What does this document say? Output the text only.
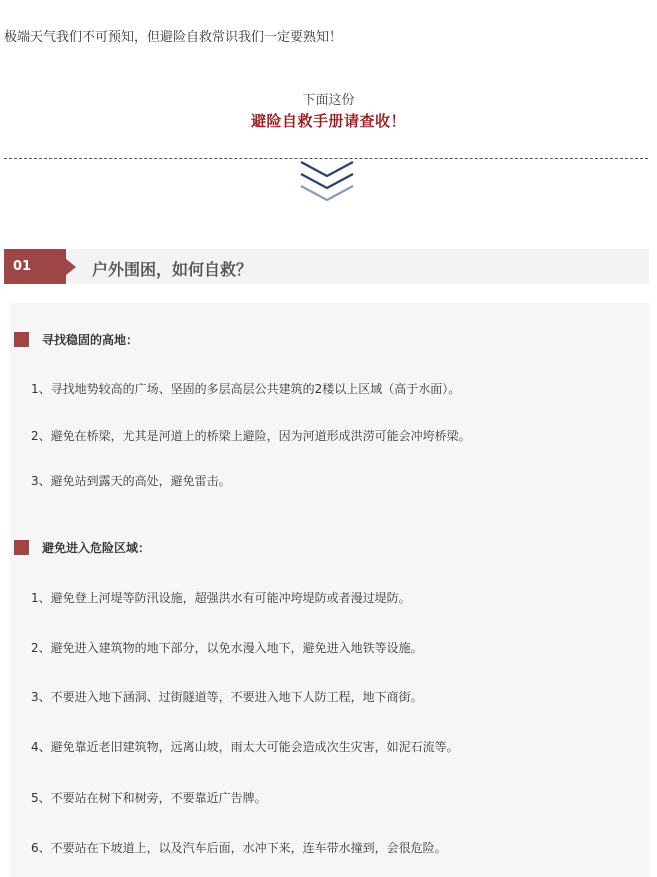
极端天气我们不可预知，但避险自救常识我们一定要熟知！
下面这份
避险自救手册请查收！
01	户外围困，如何自救？
寻找稳固的高地：
1、寻找地势较高的广场、坚固的多层高层公共建筑的2楼以上区域（高于水面）。
2、避免在桥梁，尤其是河道上的桥梁上避险，因为河道形成洪涝可能会冲垮桥梁。
3、避免站到露天的高处，避免雷击。
避免进入危险区域：
1、避免登上河堤等防汛设施，超强洪水有可能冲垮堤防或者漫过堤防。
2、避免进入建筑物的地下部分，以免水漫入地下，避免进入地铁等设施。
3、不要进入地下涵洞、过街隧道等，不要进入地下人防工程，地下商街。
4、避免靠近老旧建筑物，远离山坡，雨太大可能会造成次生灾害，如泥石流等。
5、不要站在树下和树旁，不要靠近广告牌。
6、不要站在下坡道上，以及汽车后面，水冲下来，连车带水撞到，会很危险。
